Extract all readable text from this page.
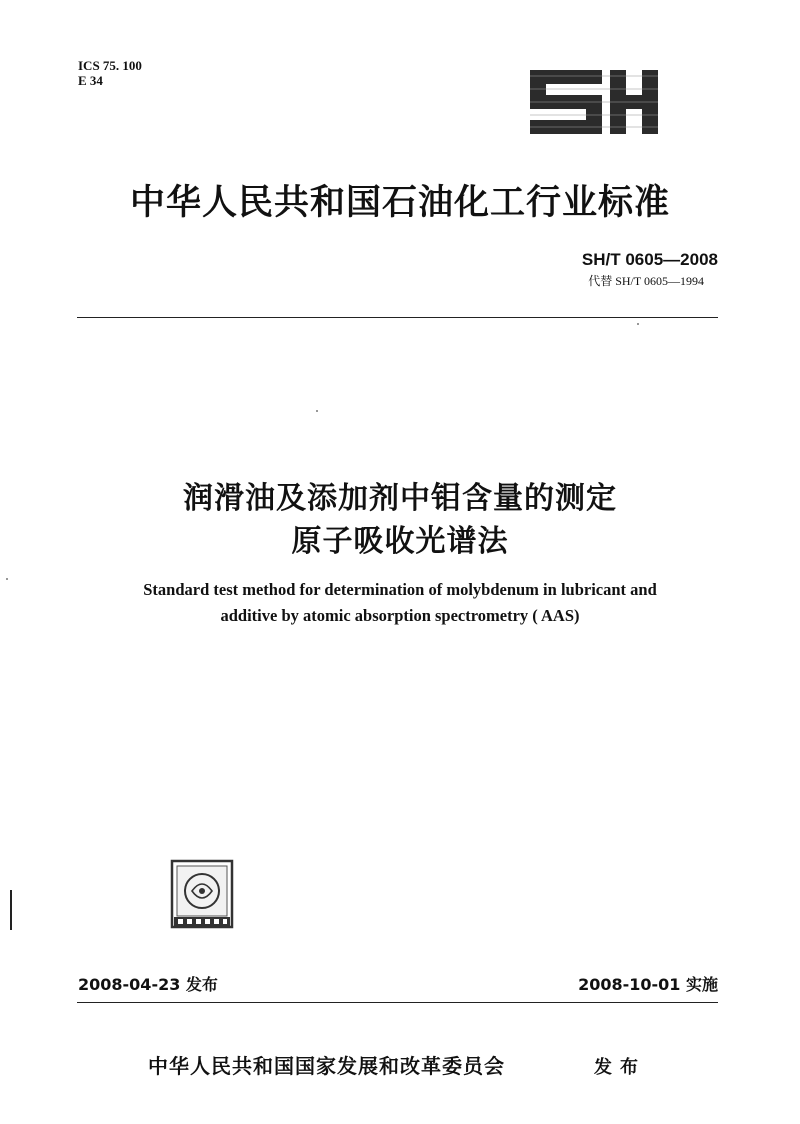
ICS 75. 100
E 34
中华人民共和国石油化工行业标准
SH/T 0605—2008
代替 SH/T 0605—1994
润滑油及添加剂中钼含量的测定
原子吸收光谱法
Standard test method for determination of molybdenum in lubricant and
additive by atomic absorption spectrometry ( AAS)
2008-04-23 发布	2008-10-01 实施
中华人民共和国国家发展和改革委员会	发布
